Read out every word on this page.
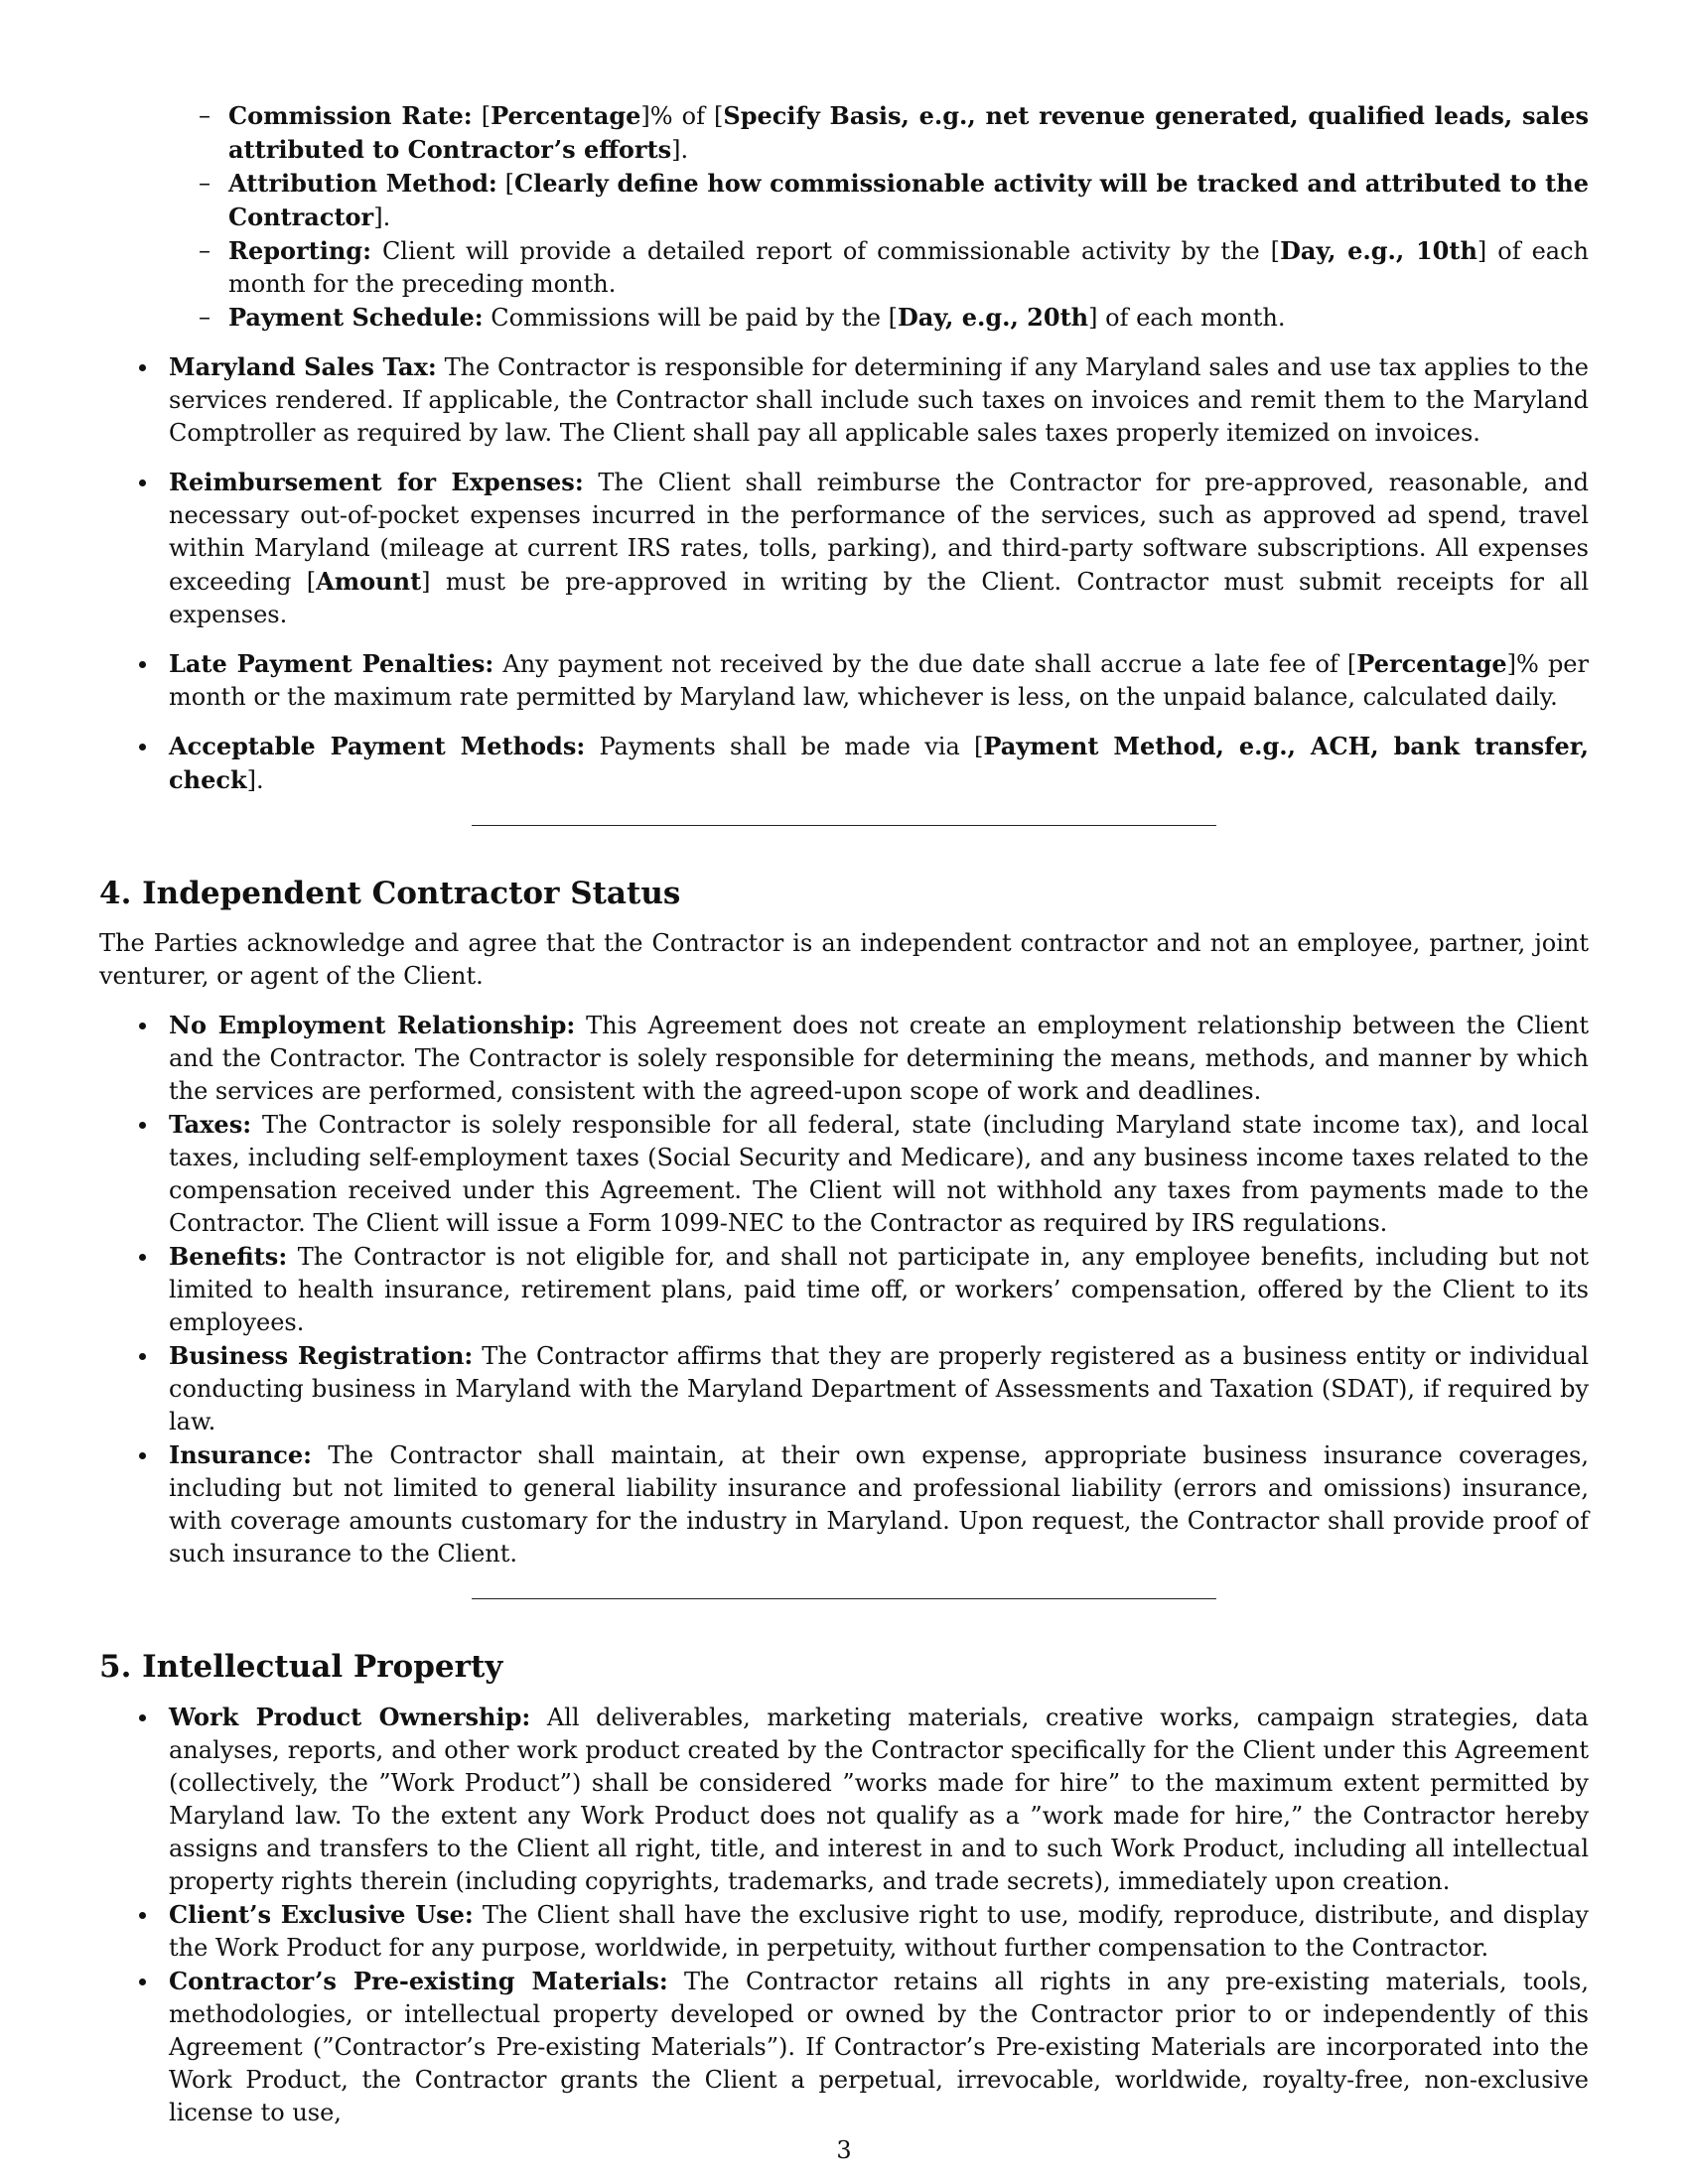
– Commission Rate: [Percentage]% of [Specify Basis, e.g., net revenue generated, qualified leads, sales attributed to Contractor’s efforts].
– Attribution Method: [Clearly define how commissionable activity will be tracked and attributed to the Contractor].
– Reporting: Client will provide a detailed report of commissionable activity by the [Day, e.g., 10th] of each month for the preceding month.
– Payment Schedule: Commissions will be paid by the [Day, e.g., 20th] of each month.
Maryland Sales Tax: The Contractor is responsible for determining if any Maryland sales and use tax applies to the services rendered. If applicable, the Contractor shall include such taxes on invoices and remit them to the Maryland Comptroller as required by law. The Client shall pay all applicable sales taxes properly itemized on invoices.
Reimbursement for Expenses: The Client shall reimburse the Contractor for pre-approved, reasonable, and necessary out-of-pocket expenses incurred in the performance of the services, such as approved ad spend, travel within Maryland (mileage at current IRS rates, tolls, parking), and third-party software subscriptions. All expenses exceeding [Amount] must be pre-approved in writing by the Client. Contractor must submit receipts for all expenses.
Late Payment Penalties: Any payment not received by the due date shall accrue a late fee of [Percentage]% per month or the maximum rate permitted by Maryland law, whichever is less, on the unpaid balance, calculated daily.
Acceptable Payment Methods: Payments shall be made via [Payment Method, e.g., ACH, bank transfer, check].
4. Independent Contractor Status

The Parties acknowledge and agree that the Contractor is an independent contractor and not an employee, partner, joint venturer, or agent of the Client.

No Employment Relationship: This Agreement does not create an employment relationship between the Client and the Contractor. The Contractor is solely responsible for determining the means, methods, and manner by which the services are performed, consistent with the agreed-upon scope of work and deadlines.
Taxes: The Contractor is solely responsible for all federal, state (including Maryland state income tax), and local taxes, including self-employment taxes (Social Security and Medicare), and any business income taxes related to the compensation received under this Agreement. The Client will not withhold any taxes from payments made to the Contractor. The Client will issue a Form 1099-NEC to the Contractor as required by IRS regulations.
Benefits: The Contractor is not eligible for, and shall not participate in, any employee benefits, including but not limited to health insurance, retirement plans, paid time off, or workers’ compensation, offered by the Client to its employees.
Business Registration: The Contractor affirms that they are properly registered as a business entity or individual conducting business in Maryland with the Maryland Department of Assessments and Taxation (SDAT), if required by law.
Insurance: The Contractor shall maintain, at their own expense, appropriate business insurance coverages, including but not limited to general liability insurance and professional liability (errors and omissions) insurance, with coverage amounts customary for the industry in Maryland. Upon request, the Contractor shall provide proof of such insurance to the Client.
5. Intellectual Property
Work Product Ownership: All deliverables, marketing materials, creative works, campaign strategies, data analyses, reports, and other work product created by the Contractor specifically for the Client under this Agreement (collectively, the ”Work Product”) shall be considered ”works made for hire” to the maximum extent permitted by Maryland law. To the extent any Work Product does not qualify as a ”work made for hire,” the Contractor hereby assigns and transfers to the Client all right, title, and interest in and to such Work Product, including all intellectual property rights therein (including copyrights, trademarks, and trade secrets), immediately upon creation.
Client’s Exclusive Use: The Client shall have the exclusive right to use, modify, reproduce, distribute, and display the Work Product for any purpose, worldwide, in perpetuity, without further compensation to the Contractor.
Contractor’s Pre-existing Materials: The Contractor retains all rights in any pre-existing materials, tools, methodologies, or intellectual property developed or owned by the Contractor prior to or independently of this Agreement (”Contractor’s Pre-existing Materials”). If Contractor’s Pre-existing Materials are incorporated into the Work Product, the Contractor grants the Client a perpetual, irrevocable, worldwide, royalty-free, non-exclusive license to use,
3
